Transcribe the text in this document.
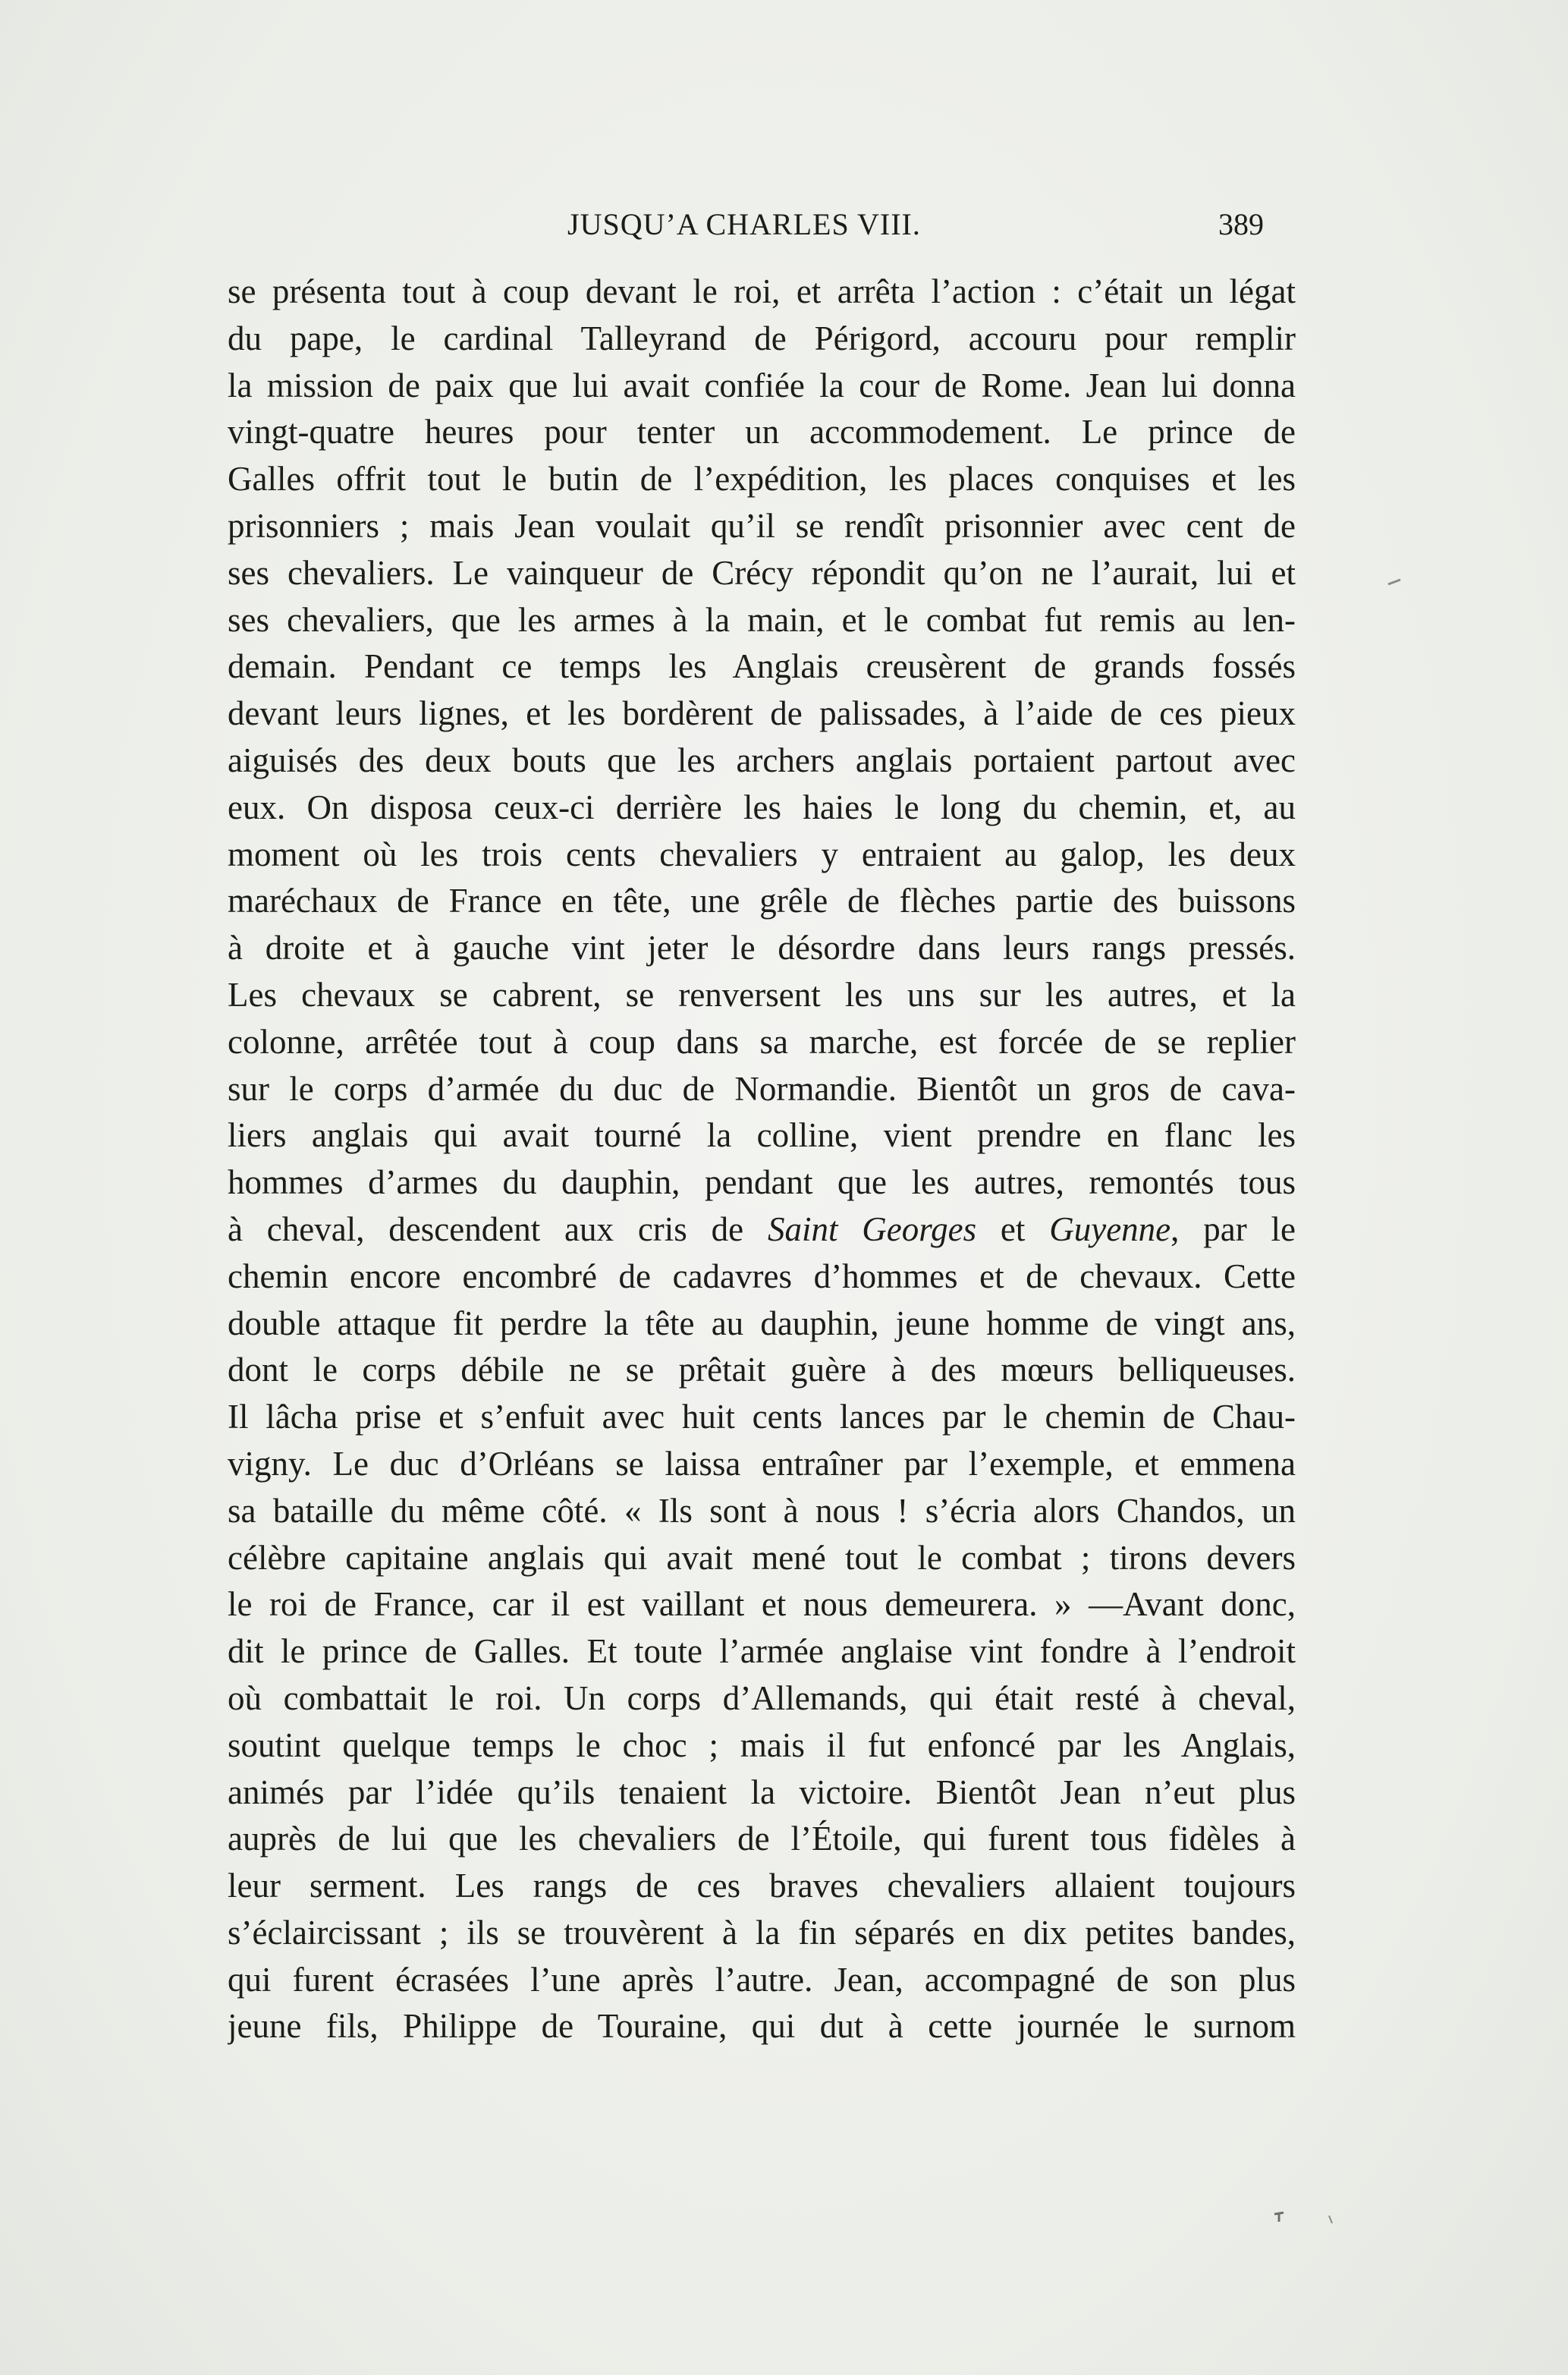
JUSQU’A CHARLES VIII.	389
se présenta tout à coup devant le roi, et arrêta l’action : c’était un légat
du pape, le cardinal Talleyrand de Périgord, accouru pour remplir
la mission de paix que lui avait confiée la cour de Rome. Jean lui donna
vingt-quatre heures pour tenter un accommodement. Le prince de
Galles offrit tout le butin de l’expédition, les places conquises et les
prisonniers ; mais Jean voulait qu’il se rendît prisonnier avec cent de
ses chevaliers. Le vainqueur de Crécy répondit qu’on ne l’aurait, lui et
ses chevaliers, que les armes à la main, et le combat fut remis au len-
demain. Pendant ce temps les Anglais creusèrent de grands fossés
devant leurs lignes, et les bordèrent de palissades, à l’aide de ces pieux
aiguisés des deux bouts que les archers anglais portaient partout avec
eux. On disposa ceux-ci derrière les haies le long du chemin, et, au
moment où les trois cents chevaliers y entraient au galop, les deux
maréchaux de France en tête, une grêle de flèches partie des buissons
à droite et à gauche vint jeter le désordre dans leurs rangs pressés.
Les chevaux se cabrent, se renversent les uns sur les autres, et la
colonne, arrêtée tout à coup dans sa marche, est forcée de se replier
sur le corps d’armée du duc de Normandie. Bientôt un gros de cava-
liers anglais qui avait tourné la colline, vient prendre en flanc les
hommes d’armes du dauphin, pendant que les autres, remontés tous
à cheval, descendent aux cris de Saint Georges et Guyenne, par le
chemin encore encombré de cadavres d’hommes et de chevaux. Cette
double attaque fit perdre la tête au dauphin, jeune homme de vingt ans,
dont le corps débile ne se prêtait guère à des mœurs belliqueuses.
Il lâcha prise et s’enfuit avec huit cents lances par le chemin de Chau-
vigny. Le duc d’Orléans se laissa entraîner par l’exemple, et emmena
sa bataille du même côté. « Ils sont à nous ! s’écria alors Chandos, un
célèbre capitaine anglais qui avait mené tout le combat ; tirons devers
le roi de France, car il est vaillant et nous demeurera. » —Avant donc,
dit le prince de Galles. Et toute l’armée anglaise vint fondre à l’endroit
où combattait le roi. Un corps d’Allemands, qui était resté à cheval,
soutint quelque temps le choc ; mais il fut enfoncé par les Anglais,
animés par l’idée qu’ils tenaient la victoire. Bientôt Jean n’eut plus
auprès de lui que les chevaliers de l’Étoile, qui furent tous fidèles à
leur serment. Les rangs de ces braves chevaliers allaient toujours
s’éclaircissant ; ils se trouvèrent à la fin séparés en dix petites bandes,
qui furent écrasées l’une après l’autre. Jean, accompagné de son plus
jeune fils, Philippe de Touraine, qui dut à cette journée le surnom
